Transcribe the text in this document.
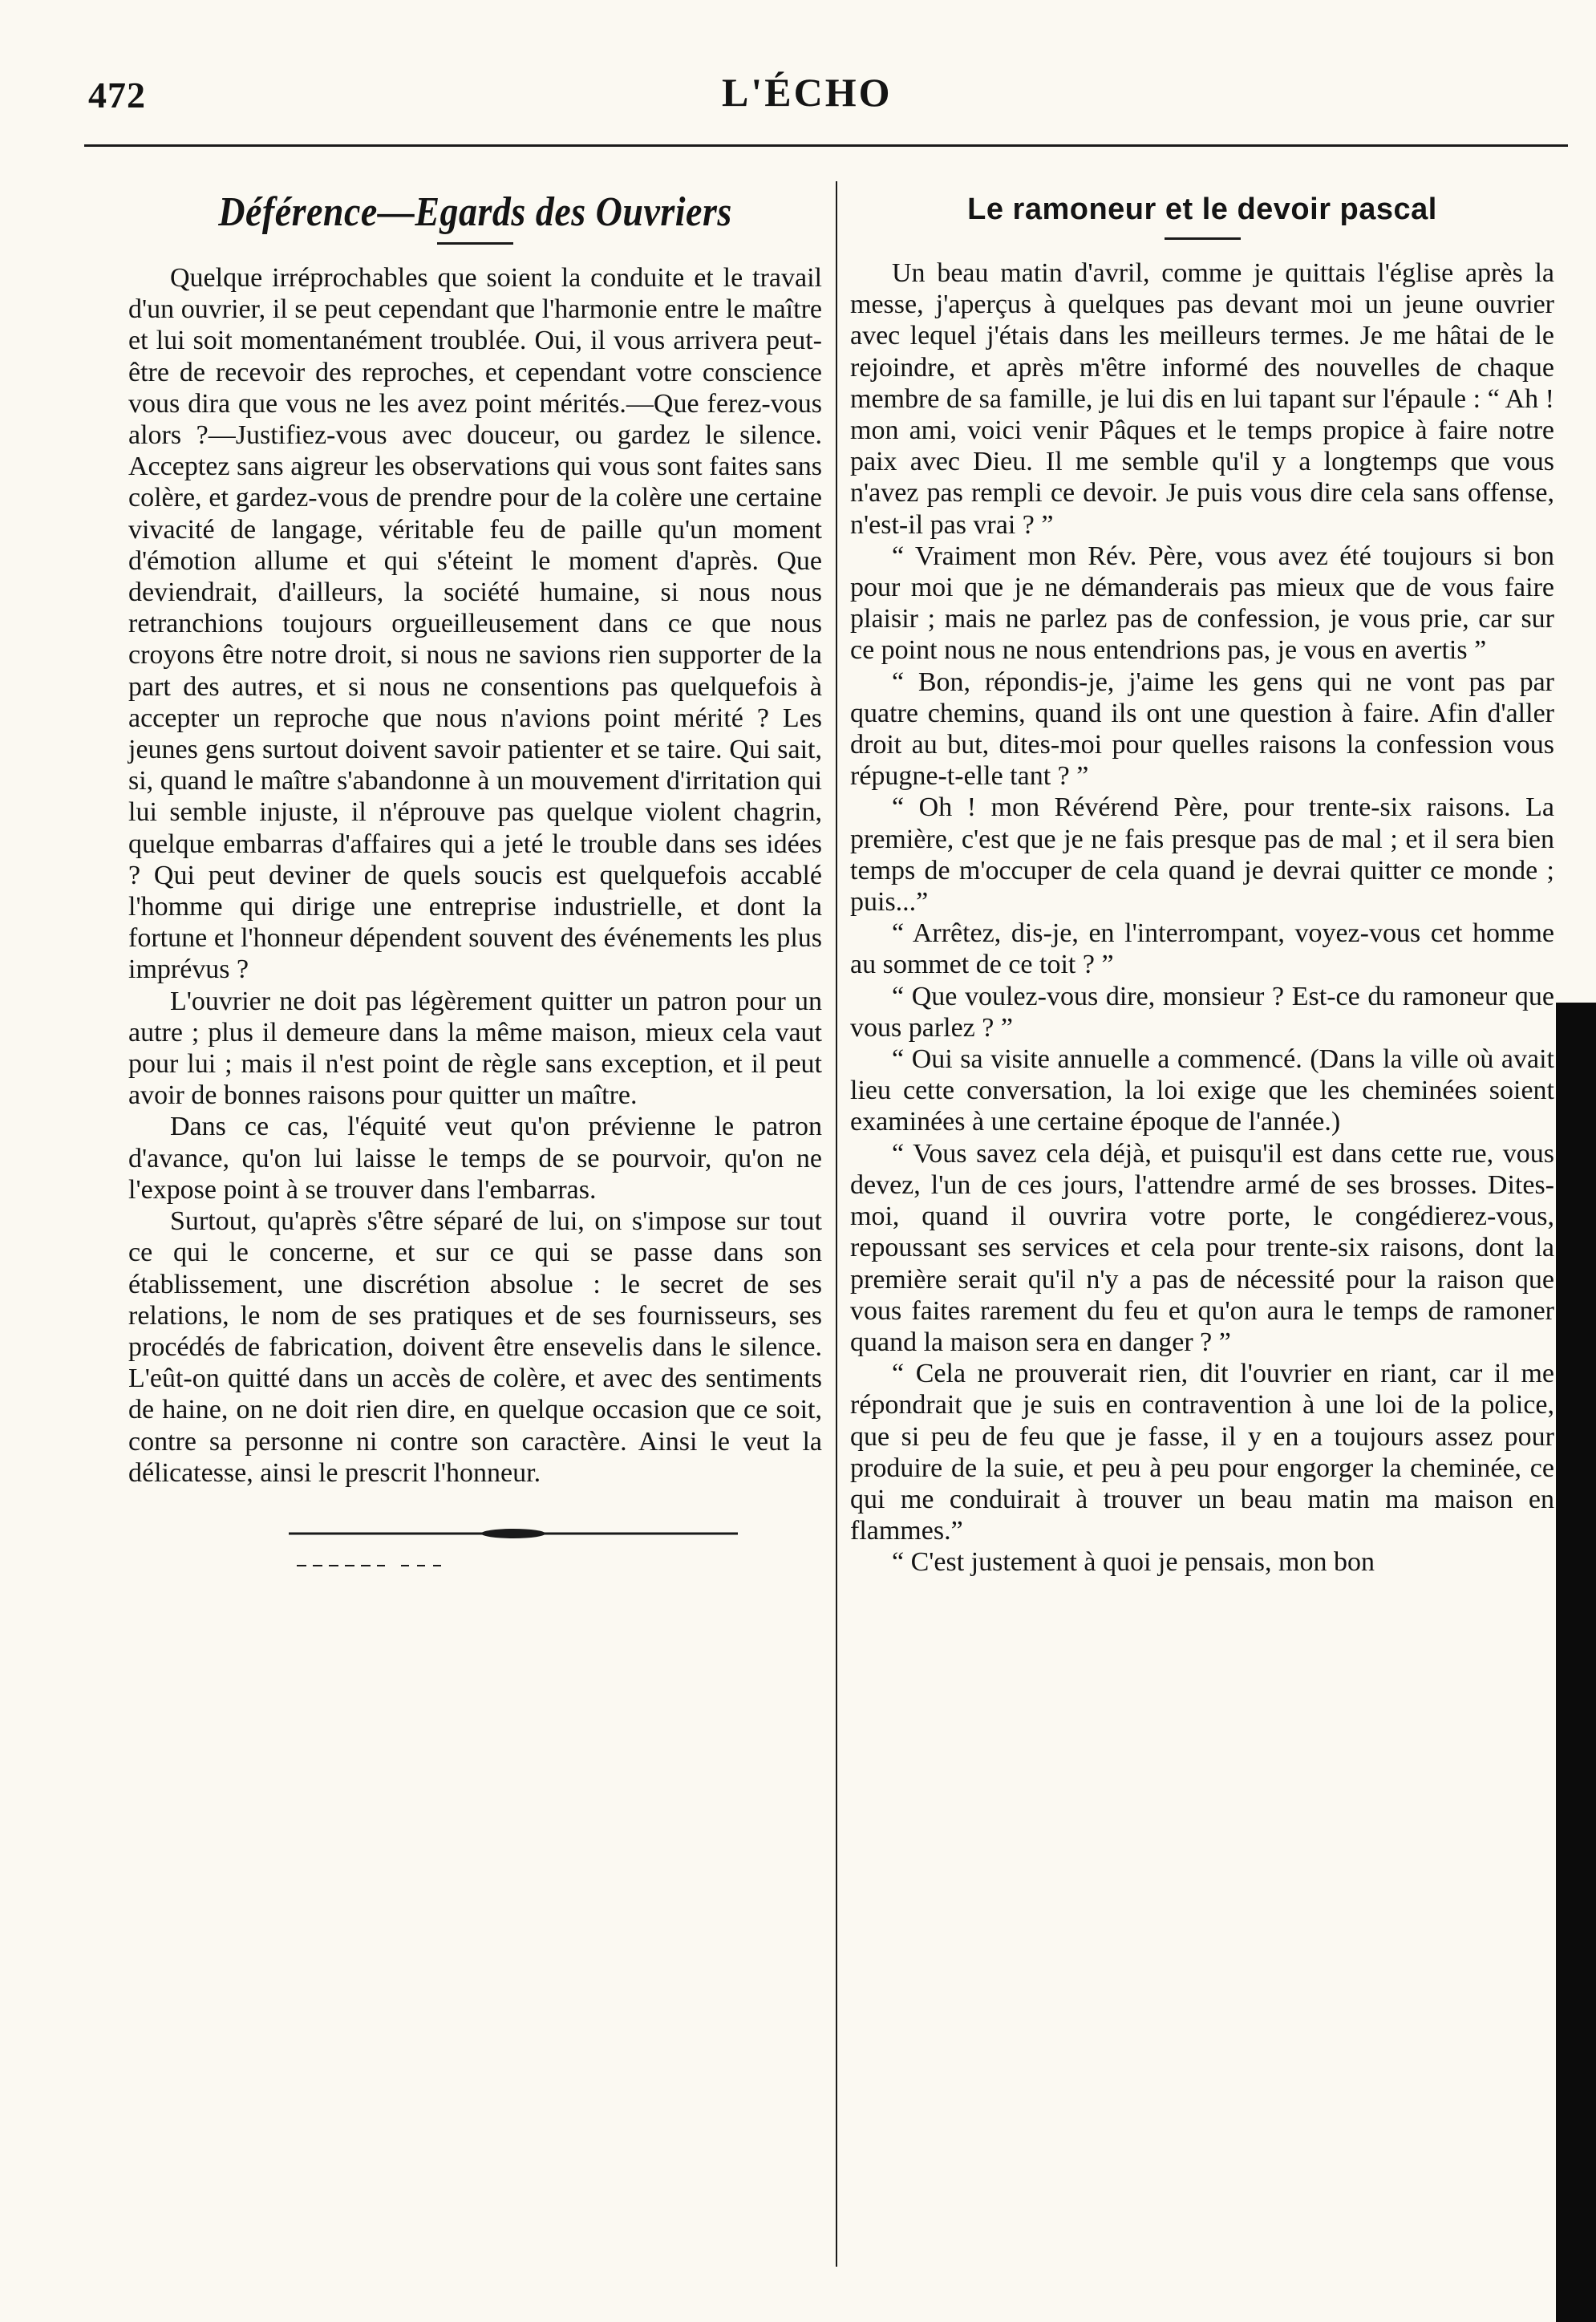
472	L'ÉCHO
Déférence—Egards des Ouvriers

Quelque irréprochables que soient la conduite et le travail d'un ouvrier, il se peut cependant que l'harmonie entre le maître et lui soit momentanément troublée. Oui, il vous arrivera peut-être de recevoir des reproches, et cependant votre conscience vous dira que vous ne les avez point mérités.—Que ferez-vous alors ?—Justifiez-vous avec douceur, ou gardez le silence. Acceptez sans aigreur les observations qui vous sont faites sans colère, et gardez-vous de prendre pour de la colère une certaine vivacité de langage, véritable feu de paille qu'un moment d'émotion allume et qui s'éteint le moment d'après. Que deviendrait, d'ailleurs, la société humaine, si nous nous retranchions toujours orgueilleusement dans ce que nous croyons être notre droit, si nous ne savions rien supporter de la part des autres, et si nous ne consentions pas quelquefois à accepter un reproche que nous n'avions point mérité ? Les jeunes gens surtout doivent savoir patienter et se taire. Qui sait, si, quand le maître s'abandonne à un mouvement d'irritation qui lui semble injuste, il n'éprouve pas quelque violent chagrin, quelque embarras d'affaires qui a jeté le trouble dans ses idées ? Qui peut deviner de quels soucis est quelquefois accablé l'homme qui dirige une entreprise industrielle, et dont la fortune et l'honneur dépendent souvent des événements les plus imprévus ?

L'ouvrier ne doit pas légèrement quitter un patron pour un autre ; plus il demeure dans la même maison, mieux cela vaut pour lui ; mais il n'est point de règle sans exception, et il peut avoir de bonnes raisons pour quitter un maître.

Dans ce cas, l'équité veut qu'on prévienne le patron d'avance, qu'on lui laisse le temps de se pourvoir, qu'on ne l'expose point à se trouver dans l'embarras.

Surtout, qu'après s'être séparé de lui, on s'impose sur tout ce qui le concerne, et sur ce qui se passe dans son établissement, une discrétion absolue : le secret de ses relations, le nom de ses pratiques et de ses fournisseurs, ses procédés de fabrication, doivent être ensevelis dans le silence. L'eût-on quitté dans un accès de colère, et avec des sentiments de haine, on ne doit rien dire, en quelque occasion que ce soit, contre sa personne ni contre son caractère. Ainsi le veut la délicatesse, ainsi le prescrit l'honneur.

Le ramoneur et le devoir pascal

Un beau matin d'avril, comme je quittais l'église après la messe, j'aperçus à quelques pas devant moi un jeune ouvrier avec lequel j'étais dans les meilleurs termes. Je me hâtai de le rejoindre, et après m'être informé des nouvelles de chaque membre de sa famille, je lui dis en lui tapant sur l'épaule : “ Ah ! mon ami, voici venir Pâques et le temps propice à faire notre paix avec Dieu. Il me semble qu'il y a longtemps que vous n'avez pas rempli ce devoir. Je puis vous dire cela sans offense, n'est-il pas vrai ? ”

“ Vraiment mon Rév. Père, vous avez été toujours si bon pour moi que je ne démanderais pas mieux que de vous faire plaisir ; mais ne parlez pas de confession, je vous prie, car sur ce point nous ne nous entendrions pas, je vous en avertis ”

“ Bon, répondis-je, j'aime les gens qui ne vont pas par quatre chemins, quand ils ont une question à faire. Afin d'aller droit au but, dites-moi pour quelles raisons la confession vous répugne-t-elle tant ? ”

“ Oh ! mon Révérend Père, pour trente-six raisons. La première, c'est que je ne fais presque pas de mal ; et il sera bien temps de m'occuper de cela quand je devrai quitter ce monde ; puis...”

“ Arrêtez, dis-je, en l'interrompant, voyez-vous cet homme au sommet de ce toit ? ”

“ Que voulez-vous dire, monsieur ? Est-ce du ramoneur que vous parlez ? ”

“ Oui sa visite annuelle a commencé. (Dans la ville où avait lieu cette conversation, la loi exige que les cheminées soient examinées à une certaine époque de l'année.)

“ Vous savez cela déjà, et puisqu'il est dans cette rue, vous devez, l'un de ces jours, l'attendre armé de ses brosses. Dites-moi, quand il ouvrira votre porte, le congédierez-vous, repoussant ses services et cela pour trente-six raisons, dont la première serait qu'il n'y a pas de nécessité pour la raison que vous faites rarement du feu et qu'on aura le temps de ramoner quand la maison sera en danger ? ”

“ Cela ne prouverait rien, dit l'ouvrier en riant, car il me répondrait que je suis en contravention à une loi de la police, que si peu de feu que je fasse, il y en a toujours assez pour produire de la suie, et peu à peu pour engorger la cheminée, ce qui me conduirait à trouver un beau matin ma maison en flammes.”

“ C'est justement à quoi je pensais, mon bon
